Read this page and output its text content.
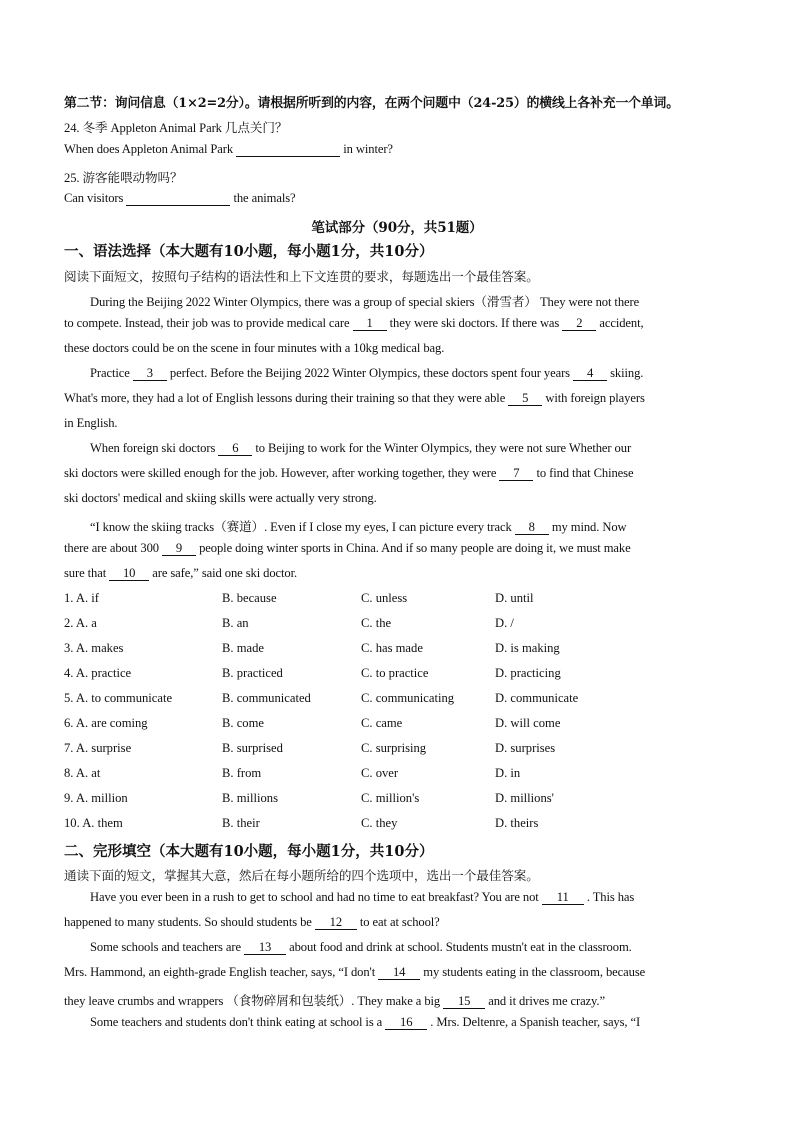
第二节：询问信息（1×2=2分）。请根据所听到的内容，在两个问题中（24-25）的横线上各补充一个单词。
24. 冬季 Appleton Animal Park 几点关门？
When does Appleton Animal Park	in winter?
25. 游客能喂动物吗？
Can visitors	the animals?
笔试部分（90分，共51题）
一、语法选择（本大题有10小题，每小题1分，共10分）
阅读下面短文，按照句子结构的语法性和上下文连贯的要求，每题选出一个最佳答案。
During the Beijing 2022 Winter Olympics, there was a group of special skiers（滑雪者） They were not there
to compete. Instead, their job was to provide medical care 1 they were ski doctors. If there was 2 accident,
these doctors could be on the scene in four minutes with a 10kg medical bag.
Practice 3 perfect. Before the Beijing 2022 Winter Olympics, these doctors spent four years 4 skiing.
What's more, they had a lot of English lessons during their training so that they were able 5 with foreign players
in English.
When foreign ski doctors 6 to Beijing to work for the Winter Olympics, they were not sure Whether our
ski doctors were skilled enough for the job. However, after working together, they were 7 to find that Chinese
ski doctors' medical and skiing skills were actually very strong.
“I know the skiing tracks（赛道）. Even if I close my eyes, I can picture every track 8 my mind. Now
there are about 300 9 people doing winter sports in China. And if so many people are doing it, we must make
sure that 10 are safe,” said one ski doctor.
1. A. if	B. because	C. unless	D. until
2. A. a	B. an	C. the	D. /
3. A. makes	B. made	C. has made	D. is making
4. A. practice	B. practiced	C. to practice	D. practicing
5. A. to communicate	B. communicated	C. communicating	D. communicate
6. A. are coming	B. come	C. came	D. will come
7. A. surprise	B. surprised	C. surprising	D. surprises
8. A. at	B. from	C. over	D. in
9. A. million	B. millions	C. million's	D. millions'
10. A. them	B. their	C. they	D. theirs
二、完形填空（本大题有10小题，每小题1分，共10分）
通读下面的短文，掌握其大意，然后在每小题所给的四个选项中，选出一个最佳答案。
Have you ever been in a rush to get to school and had no time to eat breakfast? You are not 11 . This has
happened to many students. So should students be 12 to eat at school?
Some schools and teachers are 13 about food and drink at school. Students mustn't eat in the classroom.
Mrs. Hammond, an eighth-grade English teacher, says, “I don't 14 my students eating in the classroom, because
they leave crumbs and wrappers （食物碎屑和包装纸）. They make a big 15 and it drives me crazy.”
Some teachers and students don't think eating at school is a 16 . Mrs. Deltenre, a Spanish teacher, says, “I
